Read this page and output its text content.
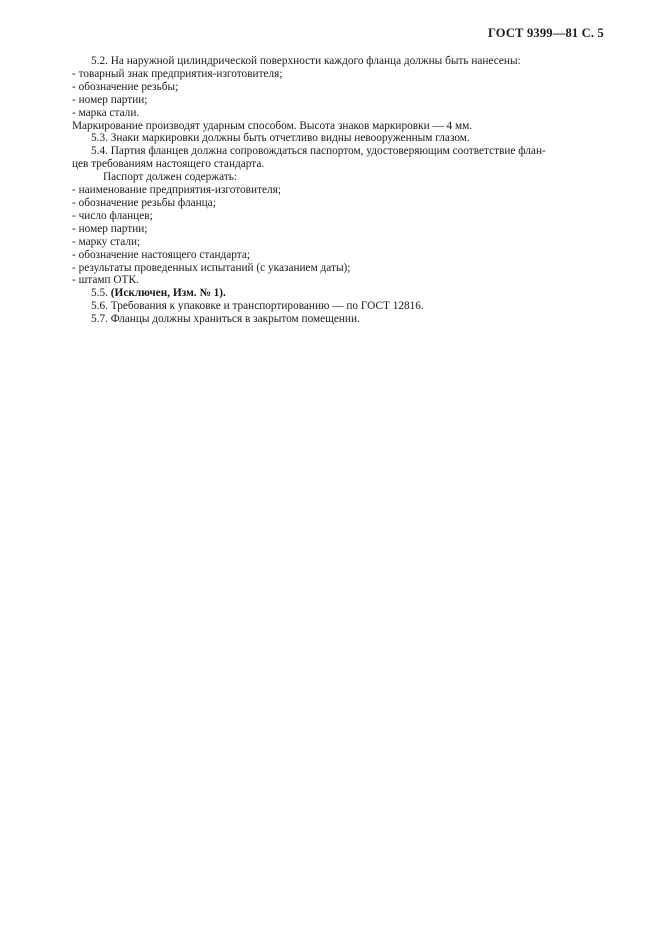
ГОСТ 9399—81 С. 5
5.2. На наружной цилиндрической поверхности каждого фланца должны быть нанесены:
- товарный знак предприятия-изготовителя;
- обозначение резьбы;
- номер партии;
- марка стали.
Маркирование производят ударным способом. Высота знаков маркировки — 4 мм.
5.3. Знаки маркировки должны быть отчетливо видны невооруженным глазом.
5.4. Партия фланцев должна сопровождаться паспортом, удостоверяющим соответствие флан-
цев требованиям настоящего стандарта.
Паспорт должен содержать:
- наименование предприятия-изготовителя;
- обозначение резьбы фланца;
- число фланцев;
- номер партии;
- марку стали;
- обозначение настоящего стандарта;
- результаты проведенных испытаний (с указанием даты);
- штамп ОТК.
5.5. (Исключен, Изм. № 1).
5.6. Требования к упаковке и транспортированию — по ГОСТ 12816.
5.7. Фланцы должны храниться в закрытом помещении.
